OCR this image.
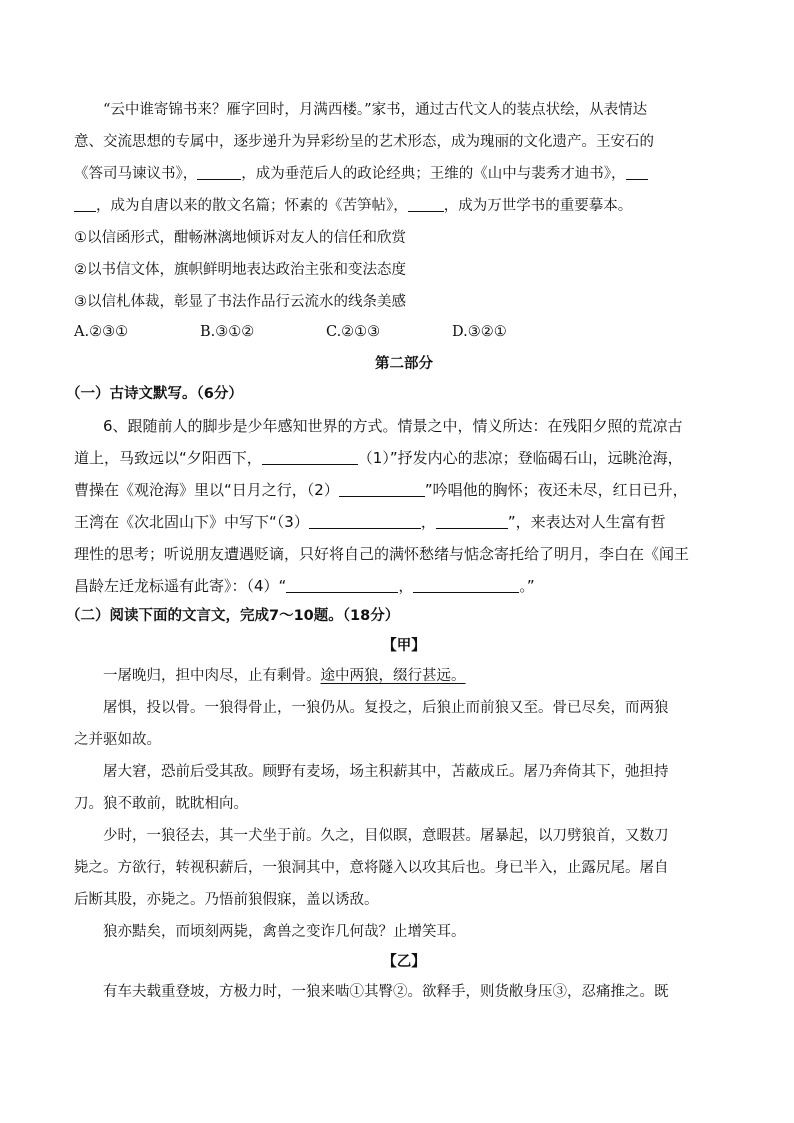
“云中谁寄锦书来？雁字回时，月满西楼。”家书，通过古代文人的装点状绘，从表情达
意、交流思想的专属中，逐步递升为异彩纷呈的艺术形态，成为瑰丽的文化遗产。王安石的
《答司马谏议书》，	，成为垂范后人的政论经典；王维的《山中与裴秀才迪书》，
，成为自唐以来的散文名篇；怀素的《苦笋帖》， ，成为万世学书的重要摹本。
①以信函形式，酣畅淋漓地倾诉对友人的信任和欣赏
②以书信文体，旗帜鲜明地表达政治主张和变法态度
③以信札体裁，彰显了书法作品行云流水的线条美感
A.②③①	B.③①②	C.②①③	D.③②①
第二部分
（一）古诗文默写。（6分）
6、跟随前人的脚步是少年感知世界的方式。情景之中，情义所达：在残阳夕照的荒凉古
道上，马致远以“夕阳西下，	（1）”抒发内心的悲凉；登临碣石山，远眺沧海，
曹操在《观沧海》里以“日月之行，（2）	”吟唱他的胸怀；夜还未尽，红日已升，
王湾在《次北固山下》中写下“（3）	，	”，来表达对人生富有哲
理性的思考；听说朋友遭遇贬谪，只好将自己的满怀愁绪与惦念寄托给了明月，李白在《闻王
昌龄左迁龙标遥有此寄》：（4）“	，	。”
（二）阅读下面的文言文，完成7～10题。（18分）
【甲】
一屠晚归，担中肉尽，止有剩骨。途中两狼，缀行甚远。
屠惧，投以骨。一狼得骨止，一狼仍从。复投之，后狼止而前狼又至。骨已尽矣，而两狼
之并驱如故。
屠大窘，恐前后受其敌。顾野有麦场，场主积薪其中，苫蔽成丘。屠乃奔倚其下，弛担持
刀。狼不敢前，眈眈相向。
少时，一狼径去，其一犬坐于前。久之，目似瞑，意暇甚。屠暴起，以刀劈狼首，又数刀
毙之。方欲行，转视积薪后，一狼洞其中，意将隧入以攻其后也。身已半入，止露尻尾。屠自
后断其股，亦毙之。乃悟前狼假寐，盖以诱敌。
狼亦黠矣，而顷刻两毙，禽兽之变诈几何哉？止增笑耳。
【乙】
有车夫载重登坡，方极力时，一狼来啮①其臀②。欲释手，则货敝身压③，忍痛推之。既
